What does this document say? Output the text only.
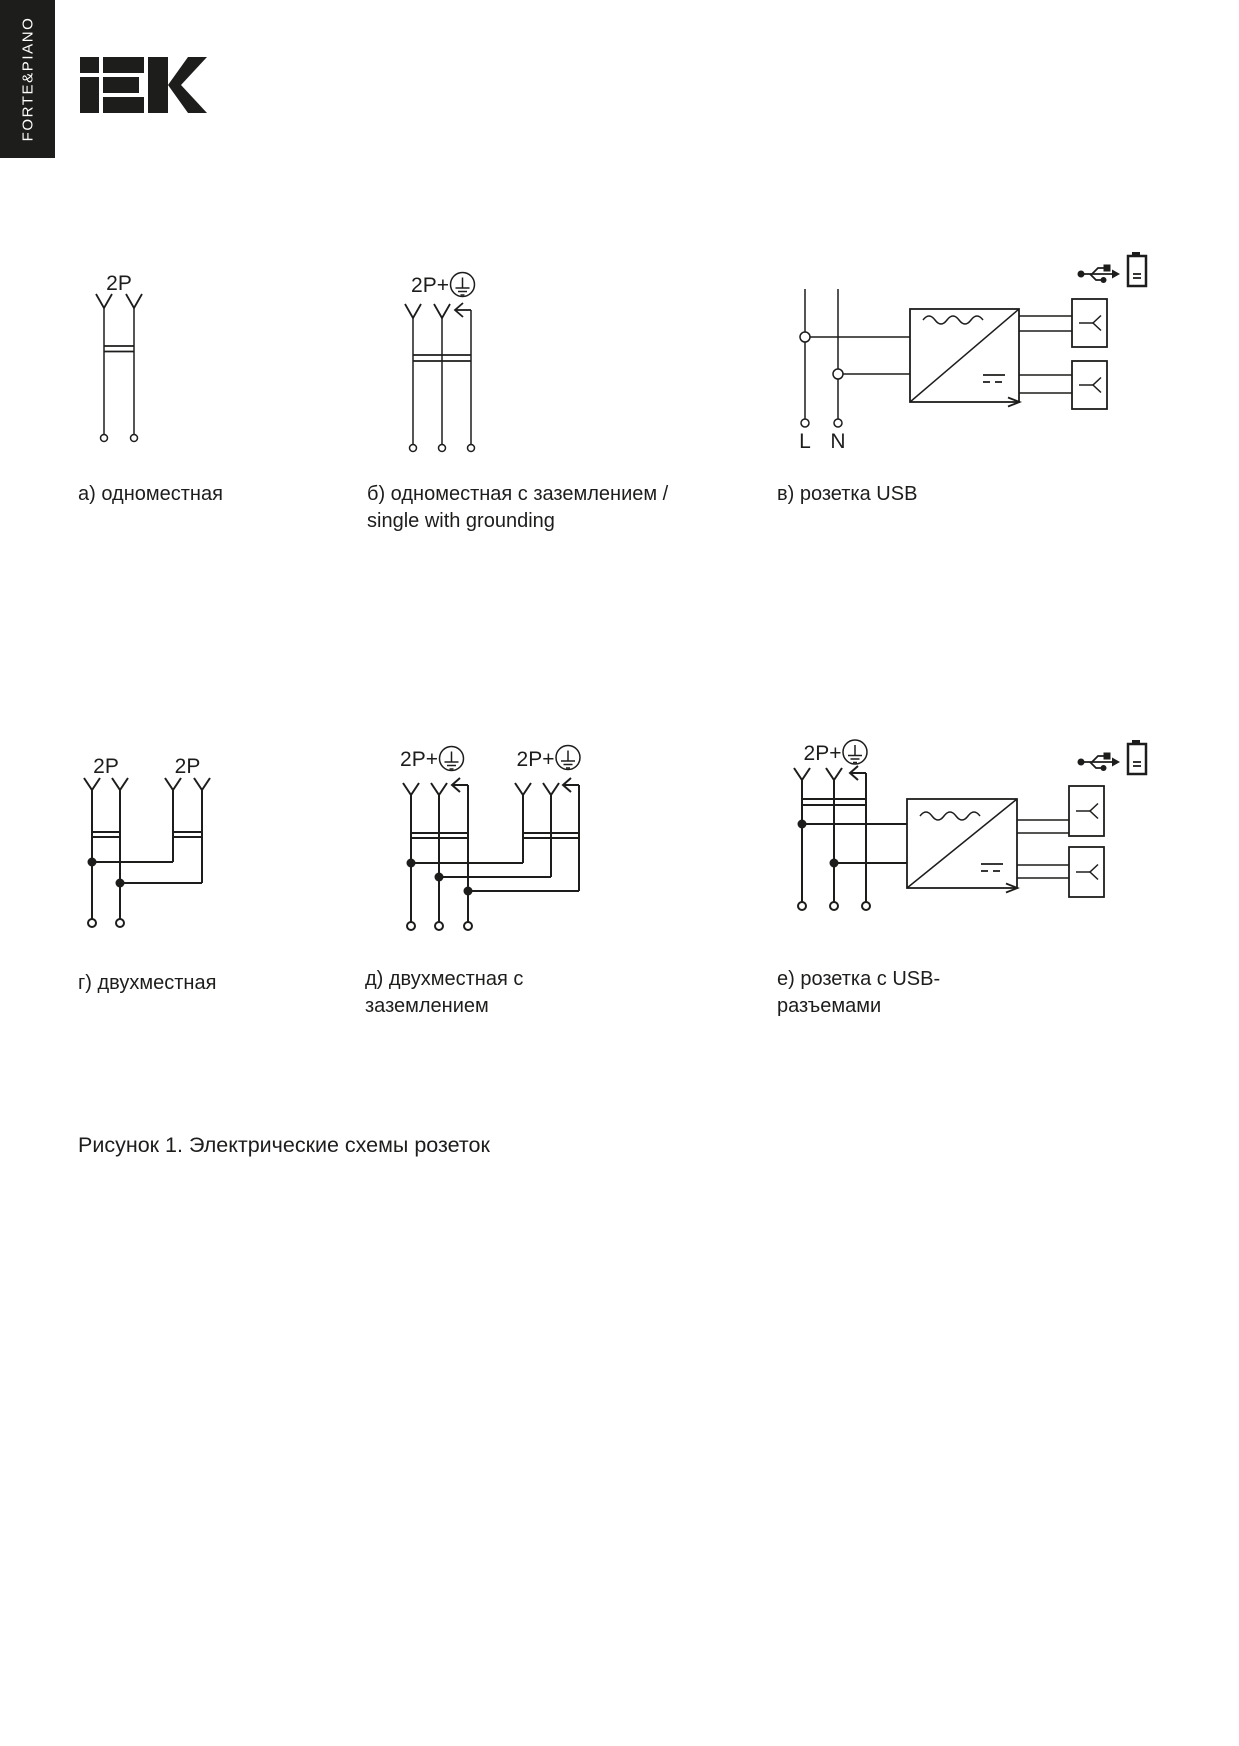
FORTE&PIANO
2P	2P+
L N
2P	2P	2P+	2P+	2P+
а) одноместная	б) одноместная с заземлением /
single with grounding
в) розетка USB
г) двухместная	д) двухместная с
заземлением
е) розетка с USB-
разъемами
Рисунок 1. Электрические схемы розеток
